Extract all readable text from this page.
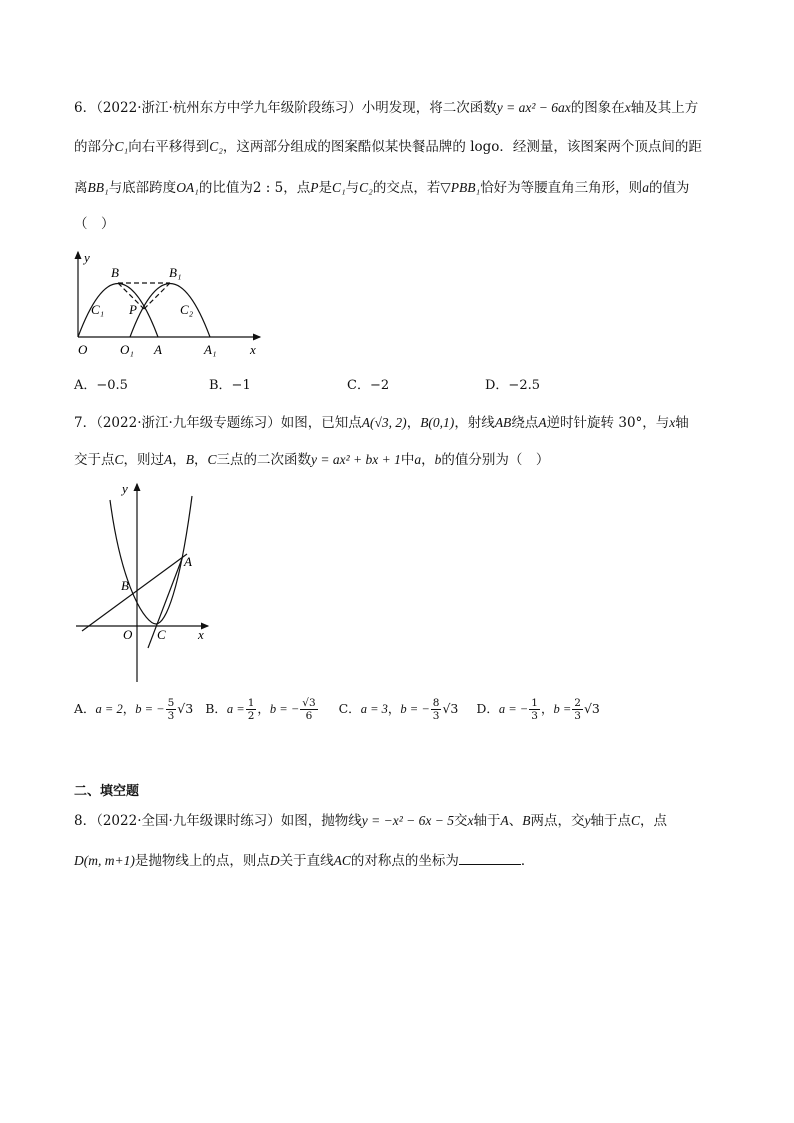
6．（2022·浙江·杭州东方中学九年级阶段练习）小明发现，将二次函数y = ax² − 6ax的图象在x轴及其上方
的部分C₁向右平移得到C₂，这两部分组成的图案酷似某快餐品牌的 logo．经测量，该图案两个顶点间的距
离BB₁与底部跨度OA₁的比值为2 : 5，点P是C₁与C₂的交点，若▽PBB₁恰好为等腰直角三角形，则a的值为
（　）
y
B	B₁
C₁ P	C₂
O	O₁ A	A₁	x
A．−0.5	B．−1	C．−2	D．−2.5
7．（2022·浙江·九年级专题练习）如图，已知点A(√3, 2)，B(0,1)，射线AB绕点A逆时针旋转 30°，与x轴
交于点C，则过A，B，C三点的二次函数y = ax² + bx + 1中a，b的值分别为（　）
y
A
B
O C x
A．a = 2，b = − $\frac{5}{3} √3$ B．$a = \frac{1}{2}$ ，b = − $\frac{√3}{6}$ C．a = 3，b = − $\frac{8}{3} √3$ D．a = − $\frac{1}{3}$ ，$b = \frac{2}{3} √3$
二、填空题
8．（2022·全国·九年级课时练习）如图，抛物线y = −x² − 6x − 5交x轴于A、B两点，交y轴于点C，点
D(m, m+1)是抛物线上的点，则点D关于直线AC的对称点的坐标为	．
